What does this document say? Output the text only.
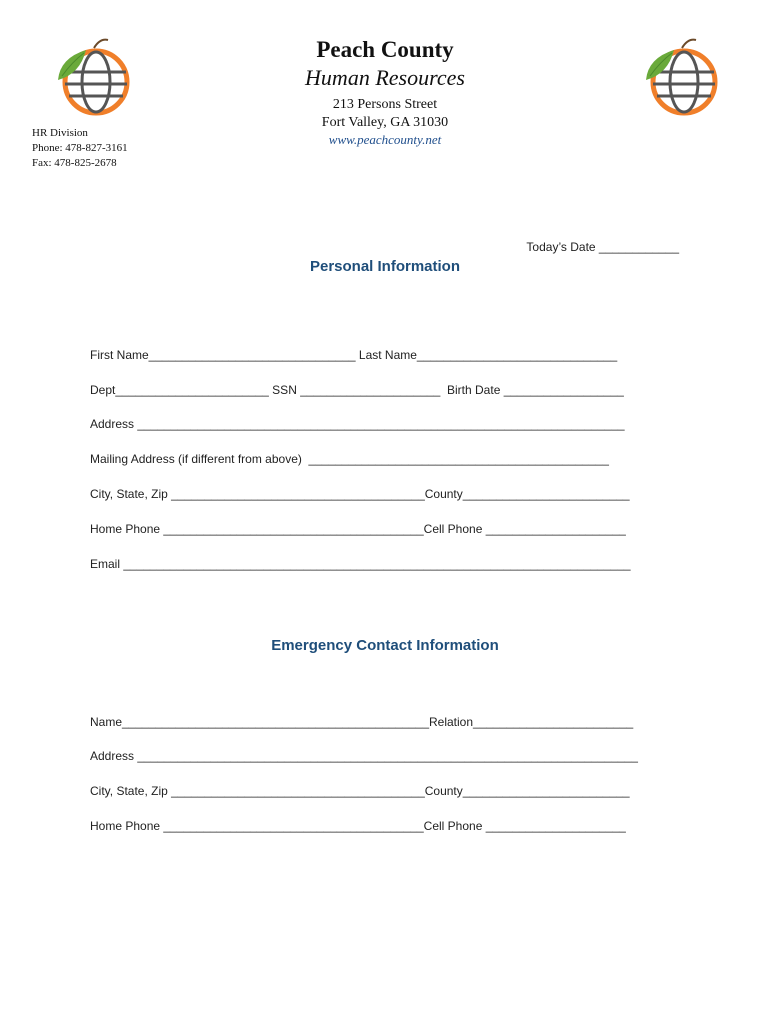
Peach County
Human Resources
213 Persons Street
Fort Valley, GA 31030
www.peachcounty.net
HR Division
Phone: 478-827-3161
Fax: 478-825-2678
Today’s Date ____________
Personal Information
First Name_______________________________ Last Name______________________________
Dept_______________________ SSN _____________________  Birth Date __________________
Address _________________________________________________________________________
Mailing Address (if different from above)  _____________________________________________
City, State, Zip ______________________________________County_________________________
Home Phone _______________________________________Cell Phone _____________________
Email ____________________________________________________________________________
Emergency Contact Information
Name______________________________________________Relation________________________
Address ___________________________________________________________________________
City, State, Zip ______________________________________County_________________________
Home Phone _______________________________________Cell Phone _____________________
